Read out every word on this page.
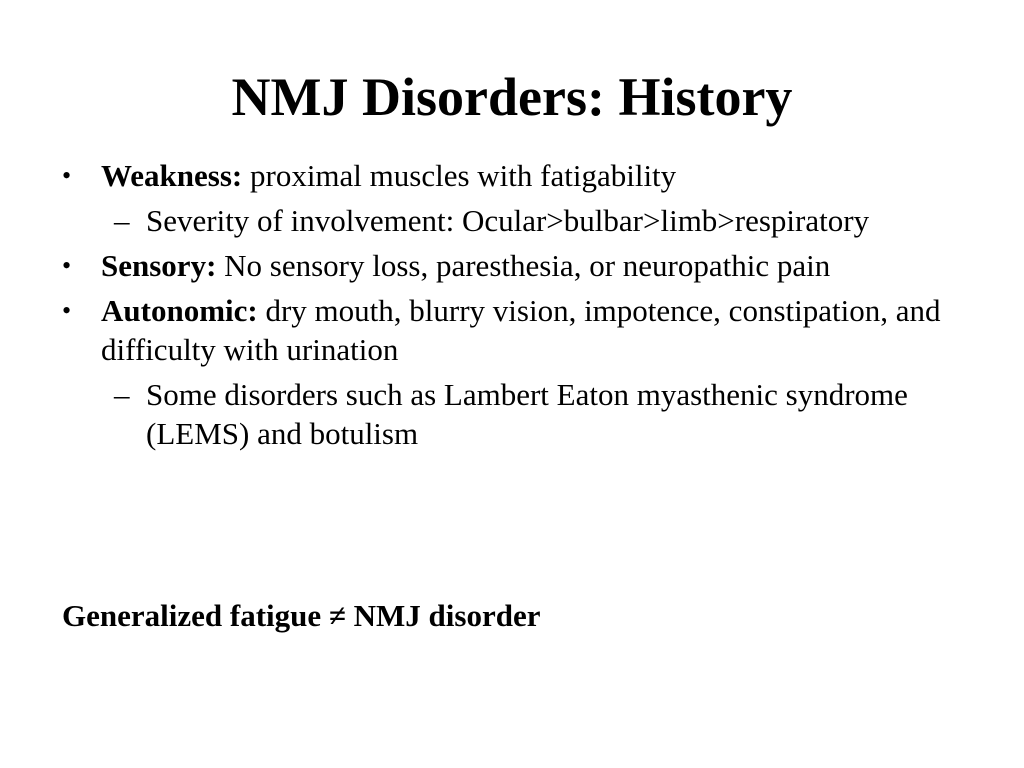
NMJ Disorders: History
• Weakness: proximal muscles with fatigability
– Severity of involvement: Ocular>bulbar>limb>respiratory
• Sensory: No sensory loss, paresthesia, or neuropathic pain
• Autonomic: dry mouth, blurry vision, impotence, constipation, and difficulty with urination
– Some disorders such as Lambert Eaton myasthenic syndrome (LEMS) and botulism

Generalized fatigue ≠ NMJ disorder
